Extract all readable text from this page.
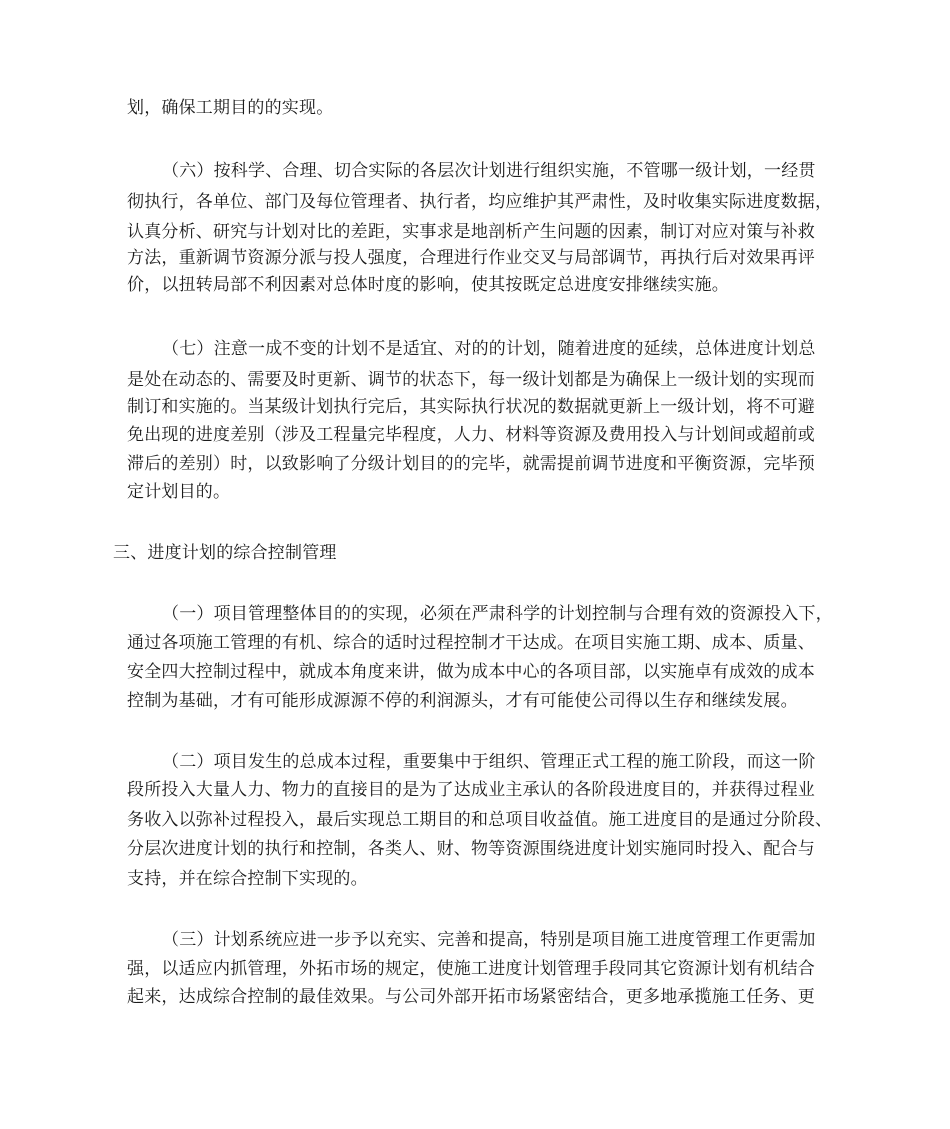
划，确保工期目的的实现。
（六）按科学、合理、切合实际的各层次计划进行组织实施，不管哪一级计划，一经贯
彻执行，各单位、部门及每位管理者、执行者，均应维护其严肃性，及时收集实际进度数据，
认真分析、研究与计划对比的差距，实事求是地剖析产生问题的因素，制订对应对策与补救
方法，重新调节资源分派与投人强度，合理进行作业交叉与局部调节，再执行后对效果再评
价，以扭转局部不利因素对总体时度的影响，使其按既定总进度安排继续实施。
（七）注意一成不变的计划不是适宜、对的的计划，随着进度的延续，总体进度计划总
是处在动态的、需要及时更新、调节的状态下，每一级计划都是为确保上一级计划的实现而
制订和实施的。当某级计划执行完后，其实际执行状况的数据就更新上一级计划，将不可避
免出现的进度差别（涉及工程量完毕程度，人力、材料等资源及费用投入与计划间或超前或
滞后的差别）时，以致影响了分级计划目的的完毕，就需提前调节进度和平衡资源，完毕预
定计划目的。
三、进度计划的综合控制管理
（一）项目管理整体目的的实现，必须在严肃科学的计划控制与合理有效的资源投入下，
通过各项施工管理的有机、综合的适时过程控制才干达成。在项目实施工期、成本、质量、
安全四大控制过程中，就成本角度来讲，做为成本中心的各项目部，以实施卓有成效的成本
控制为基础，才有可能形成源源不停的利润源头，才有可能使公司得以生存和继续发展。
（二）项目发生的总成本过程，重要集中于组织、管理正式工程的施工阶段，而这一阶
段所投入大量人力、物力的直接目的是为了达成业主承认的各阶段进度目的，并获得过程业
务收入以弥补过程投入，最后实现总工期目的和总项目收益值。施工进度目的是通过分阶段、
分层次进度计划的执行和控制，各类人、财、物等资源围绕进度计划实施同时投入、配合与
支持，并在综合控制下实现的。
（三）计划系统应进一步予以充实、完善和提高，特别是项目施工进度管理工作更需加
强，以适应内抓管理，外拓市场的规定，使施工进度计划管理手段同其它资源计划有机结合
起来，达成综合控制的最佳效果。与公司外部开拓市场紧密结合，更多地承揽施工任务、更
